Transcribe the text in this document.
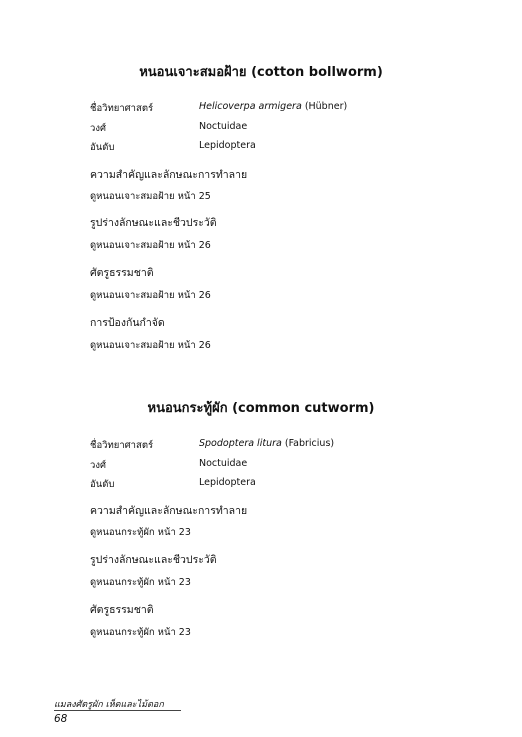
หนอนเจาะสมอฝ้าย (cotton bollworm)
ชื่อวิทยาศาสตร์	Helicoverpa armigera (Hübner)
วงศ์	Noctuidae
อันดับ	Lepidoptera
ความสำคัญและลักษณะการทำลาย
ดูหนอนเจาะสมอฝ้าย หน้า 25
รูปร่างลักษณะและชีวประวัติ
ดูหนอนเจาะสมอฝ้าย หน้า 26
ศัตรูธรรมชาติ
ดูหนอนเจาะสมอฝ้าย หน้า 26
การป้องกันกำจัด
ดูหนอนเจาะสมอฝ้าย หน้า 26
หนอนกระทู้ผัก (common cutworm)
ชื่อวิทยาศาสตร์	Spodoptera litura (Fabricius)
วงศ์	Noctuidae
อันดับ	Lepidoptera
ความสำคัญและลักษณะการทำลาย
ดูหนอนกระทู้ผัก หน้า 23
รูปร่างลักษณะและชีวประวัติ
ดูหนอนกระทู้ผัก หน้า 23
ศัตรูธรรมชาติ
ดูหนอนกระทู้ผัก หน้า 23
แมลงศัตรูผัก เห็ดและไม้ดอก
68
